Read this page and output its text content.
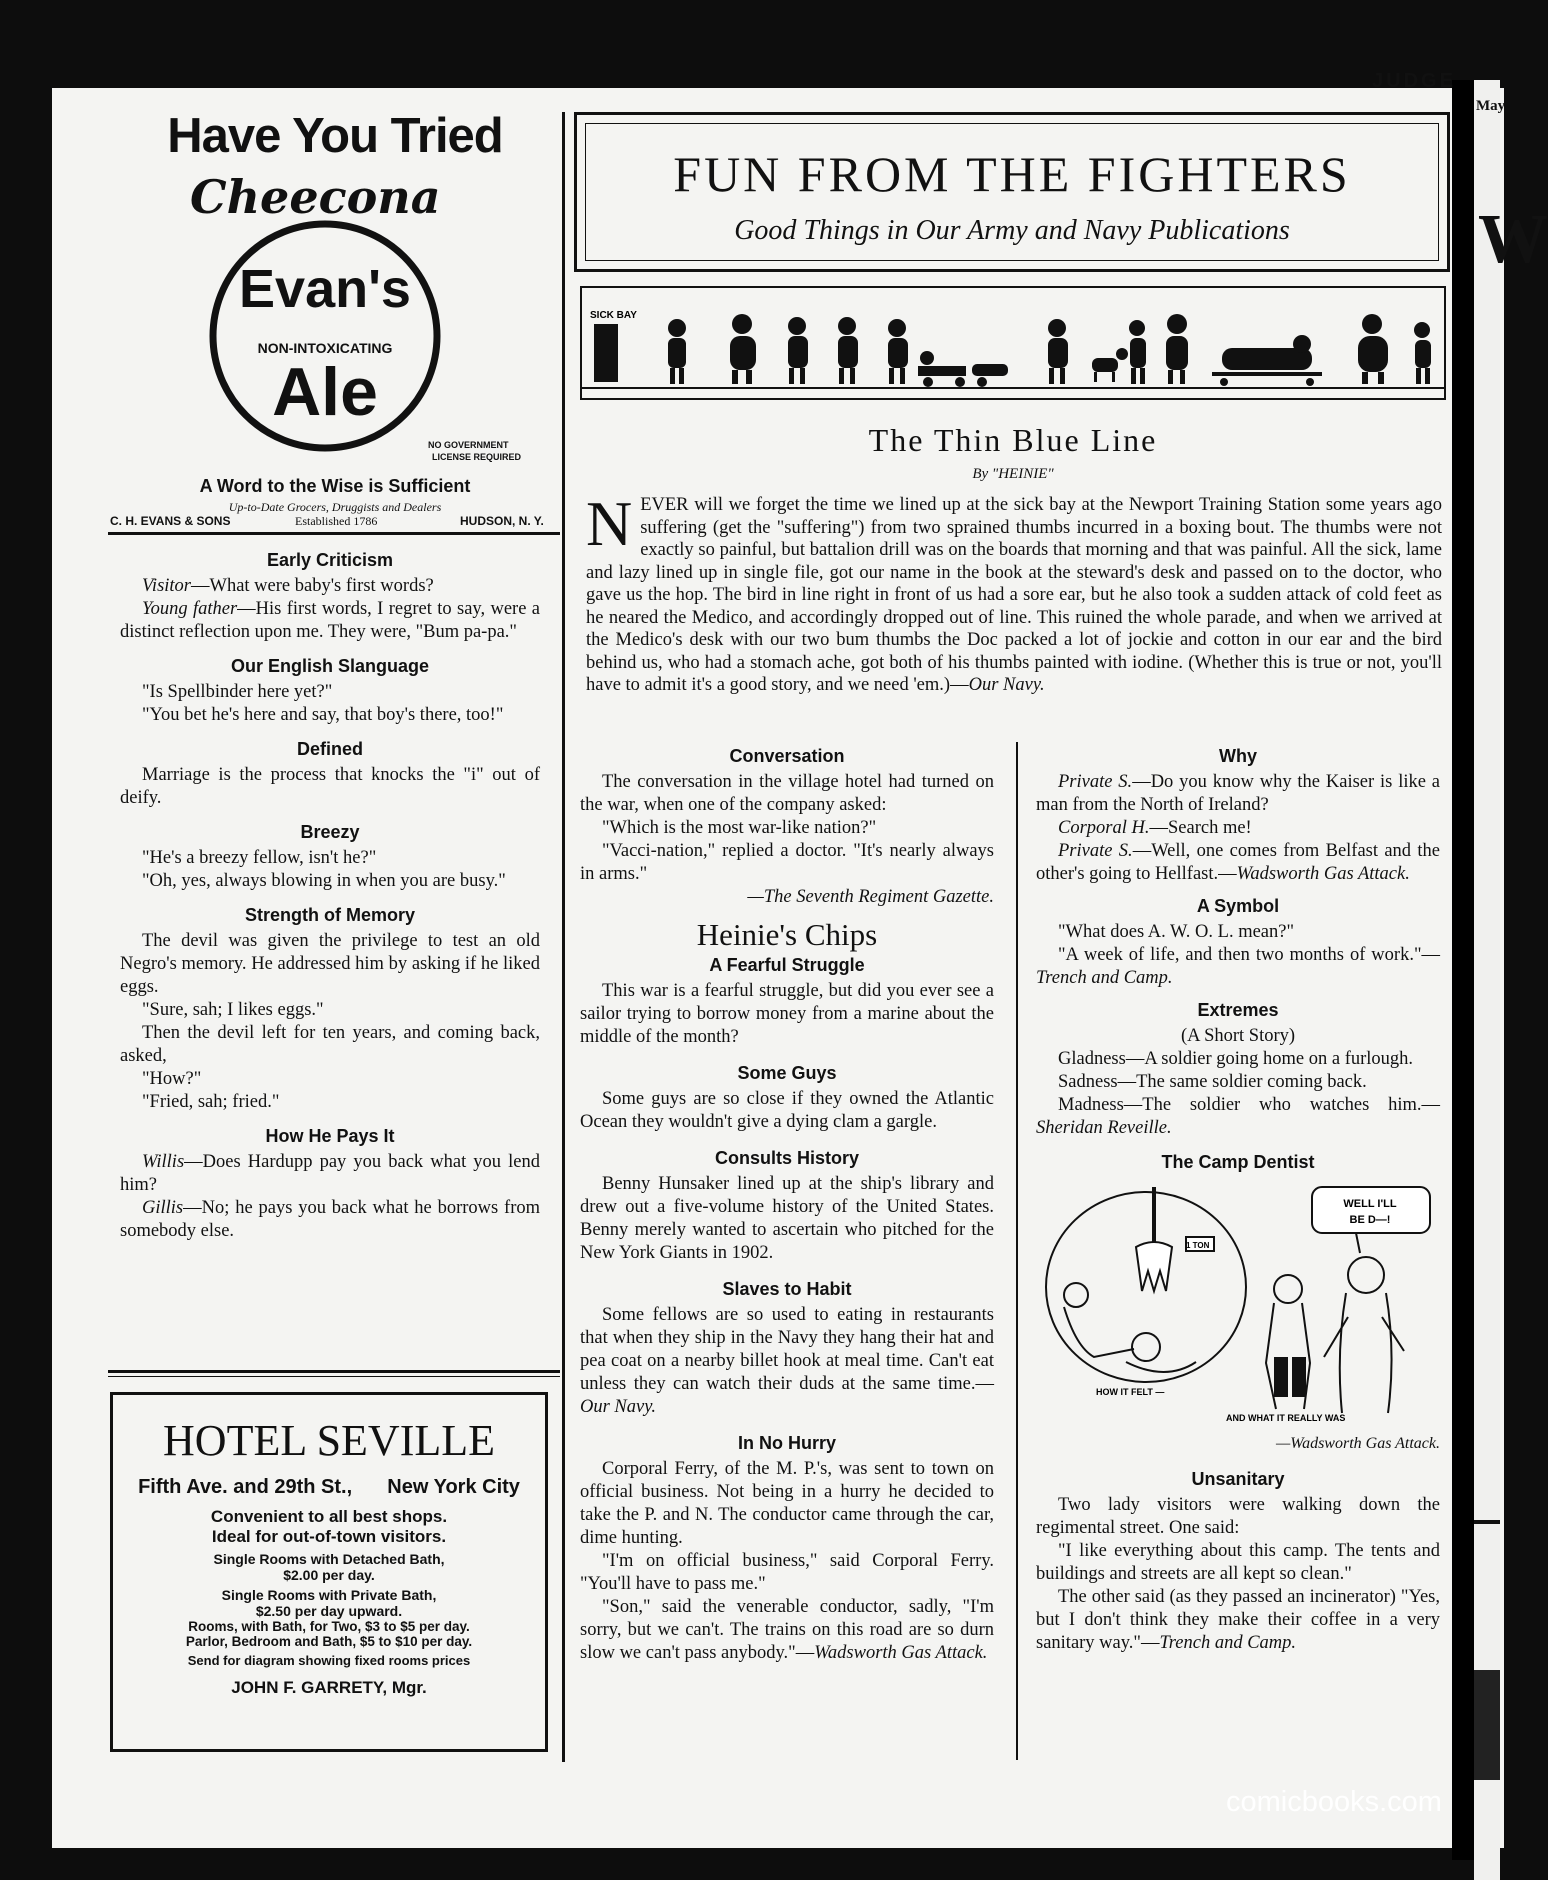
May
W
JUDGE
Have You Tried
Cheecona
Evan's
NON-INTOXICATING
Ale
NO GOVERNMENT
LICENSE REQUIRED
A Word to the Wise is Sufficient
Up-to-Date Grocers, Druggists and Dealers
C. H. EVANS & SONS	Established 1786	HUDSON, N. Y.
Early Criticism

Visitor—What were baby's first words?

Young father—His first words, I regret to say, were a distinct reflection upon me. They were, "Bum pa-pa."

Our English Slanguage

"Is Spellbinder here yet?"

"You bet he's here and say, that boy's there, too!"

Defined

Marriage is the process that knocks the "i" out of deify.

Breezy

"He's a breezy fellow, isn't he?"

"Oh, yes, always blowing in when you are busy."

Strength of Memory

The devil was given the privilege to test an old Negro's memory. He addressed him by asking if he liked eggs.

"Sure, sah; I likes eggs."

Then the devil left for ten years, and coming back, asked,

"How?"

"Fried, sah; fried."

How He Pays It

Willis—Does Hardupp pay you back what you lend him?

Gillis—No; he pays you back what he borrows from somebody else.

HOTEL SEVILLE
Fifth Ave. and 29th St., New York City
Convenient to all best shops.
Ideal for out-of-town visitors.
Single Rooms with Detached Bath,
$2.00 per day.
Single Rooms with Private Bath,
$2.50 per day upward.
Rooms, with Bath, for Two, $3 to $5 per day.
Parlor, Bedroom and Bath, $5 to $10 per day.
Send for diagram showing fixed rooms prices
JOHN F. GARRETY, Mgr.
FUN FROM THE FIGHTERS
Good Things in Our Army and Navy Publications
SICK BAY
The Thin Blue Line
By "HEINIE"
NEVER will we forget the time we lined up at the sick bay at the Newport Training Station some years ago suffering (get the "suffering") from two sprained thumbs incurred in a boxing bout. The thumbs were not exactly so painful, but battalion drill was on the boards that morning and that was painful. All the sick, lame and lazy lined up in single file, got our name in the book at the steward's desk and passed on to the doctor, who gave us the hop. The bird in line right in front of us had a sore ear, but he also took a sudden attack of cold feet as he neared the Medico, and accordingly dropped out of line. This ruined the whole parade, and when we arrived at the Medico's desk with our two bum thumbs the Doc packed a lot of jockie and cotton in our ear and the bird behind us, who had a stomach ache, got both of his thumbs painted with iodine. (Whether this is true or not, you'll have to admit it's a good story, and we need 'em.)—Our Navy.
Conversation

The conversation in the village hotel had turned on the war, when one of the company asked:

"Which is the most war-like nation?"

"Vacci-nation," replied a doctor. "It's nearly always in arms."

—The Seventh Regiment Gazette.

Heinie's Chips
A Fearful Struggle

This war is a fearful struggle, but did you ever see a sailor trying to borrow money from a marine about the middle of the month?

Some Guys

Some guys are so close if they owned the Atlantic Ocean they wouldn't give a dying clam a gargle.

Consults History

Benny Hunsaker lined up at the ship's library and drew out a five-volume history of the United States. Benny merely wanted to ascertain who pitched for the New York Giants in 1902.

Slaves to Habit

Some fellows are so used to eating in restaurants that when they ship in the Navy they hang their hat and pea coat on a nearby billet hook at meal time. Can't eat unless they can watch their duds at the same time.—Our Navy.

In No Hurry

Corporal Ferry, of the M. P.'s, was sent to town on official business. Not being in a hurry he decided to take the P. and N. The conductor came through the car, dime hunting.

"I'm on official business," said Corporal Ferry. "You'll have to pass me."

"Son," said the venerable conductor, sadly, "I'm sorry, but we can't. The trains on this road are so durn slow we can't pass anybody."—Wadsworth Gas Attack.

Why

Private S.—Do you know why the Kaiser is like a man from the North of Ireland?

Corporal H.—Search me!

Private S.—Well, one comes from Belfast and the other's going to Hellfast.—Wadsworth Gas Attack.

A Symbol

"What does A. W. O. L. mean?"

"A week of life, and then two months of work."—Trench and Camp.

Extremes

(A Short Story)

Gladness—A soldier going home on a furlough.

Sadness—The same soldier coming back.

Madness—The soldier who watches him.—Sheridan Reveille.

The Camp Dentist
1 TON
WELL I'LL
BE D—!
HOW IT FELT —
AND WHAT IT REALLY WAS

—Wadsworth Gas Attack.

Unsanitary

Two lady visitors were walking down the regimental street. One said:

"I like everything about this camp. The tents and buildings and streets are all kept so clean."

The other said (as they passed an incinerator) "Yes, but I don't think they make their coffee in a very sanitary way."—Trench and Camp.

comicbooks.com
